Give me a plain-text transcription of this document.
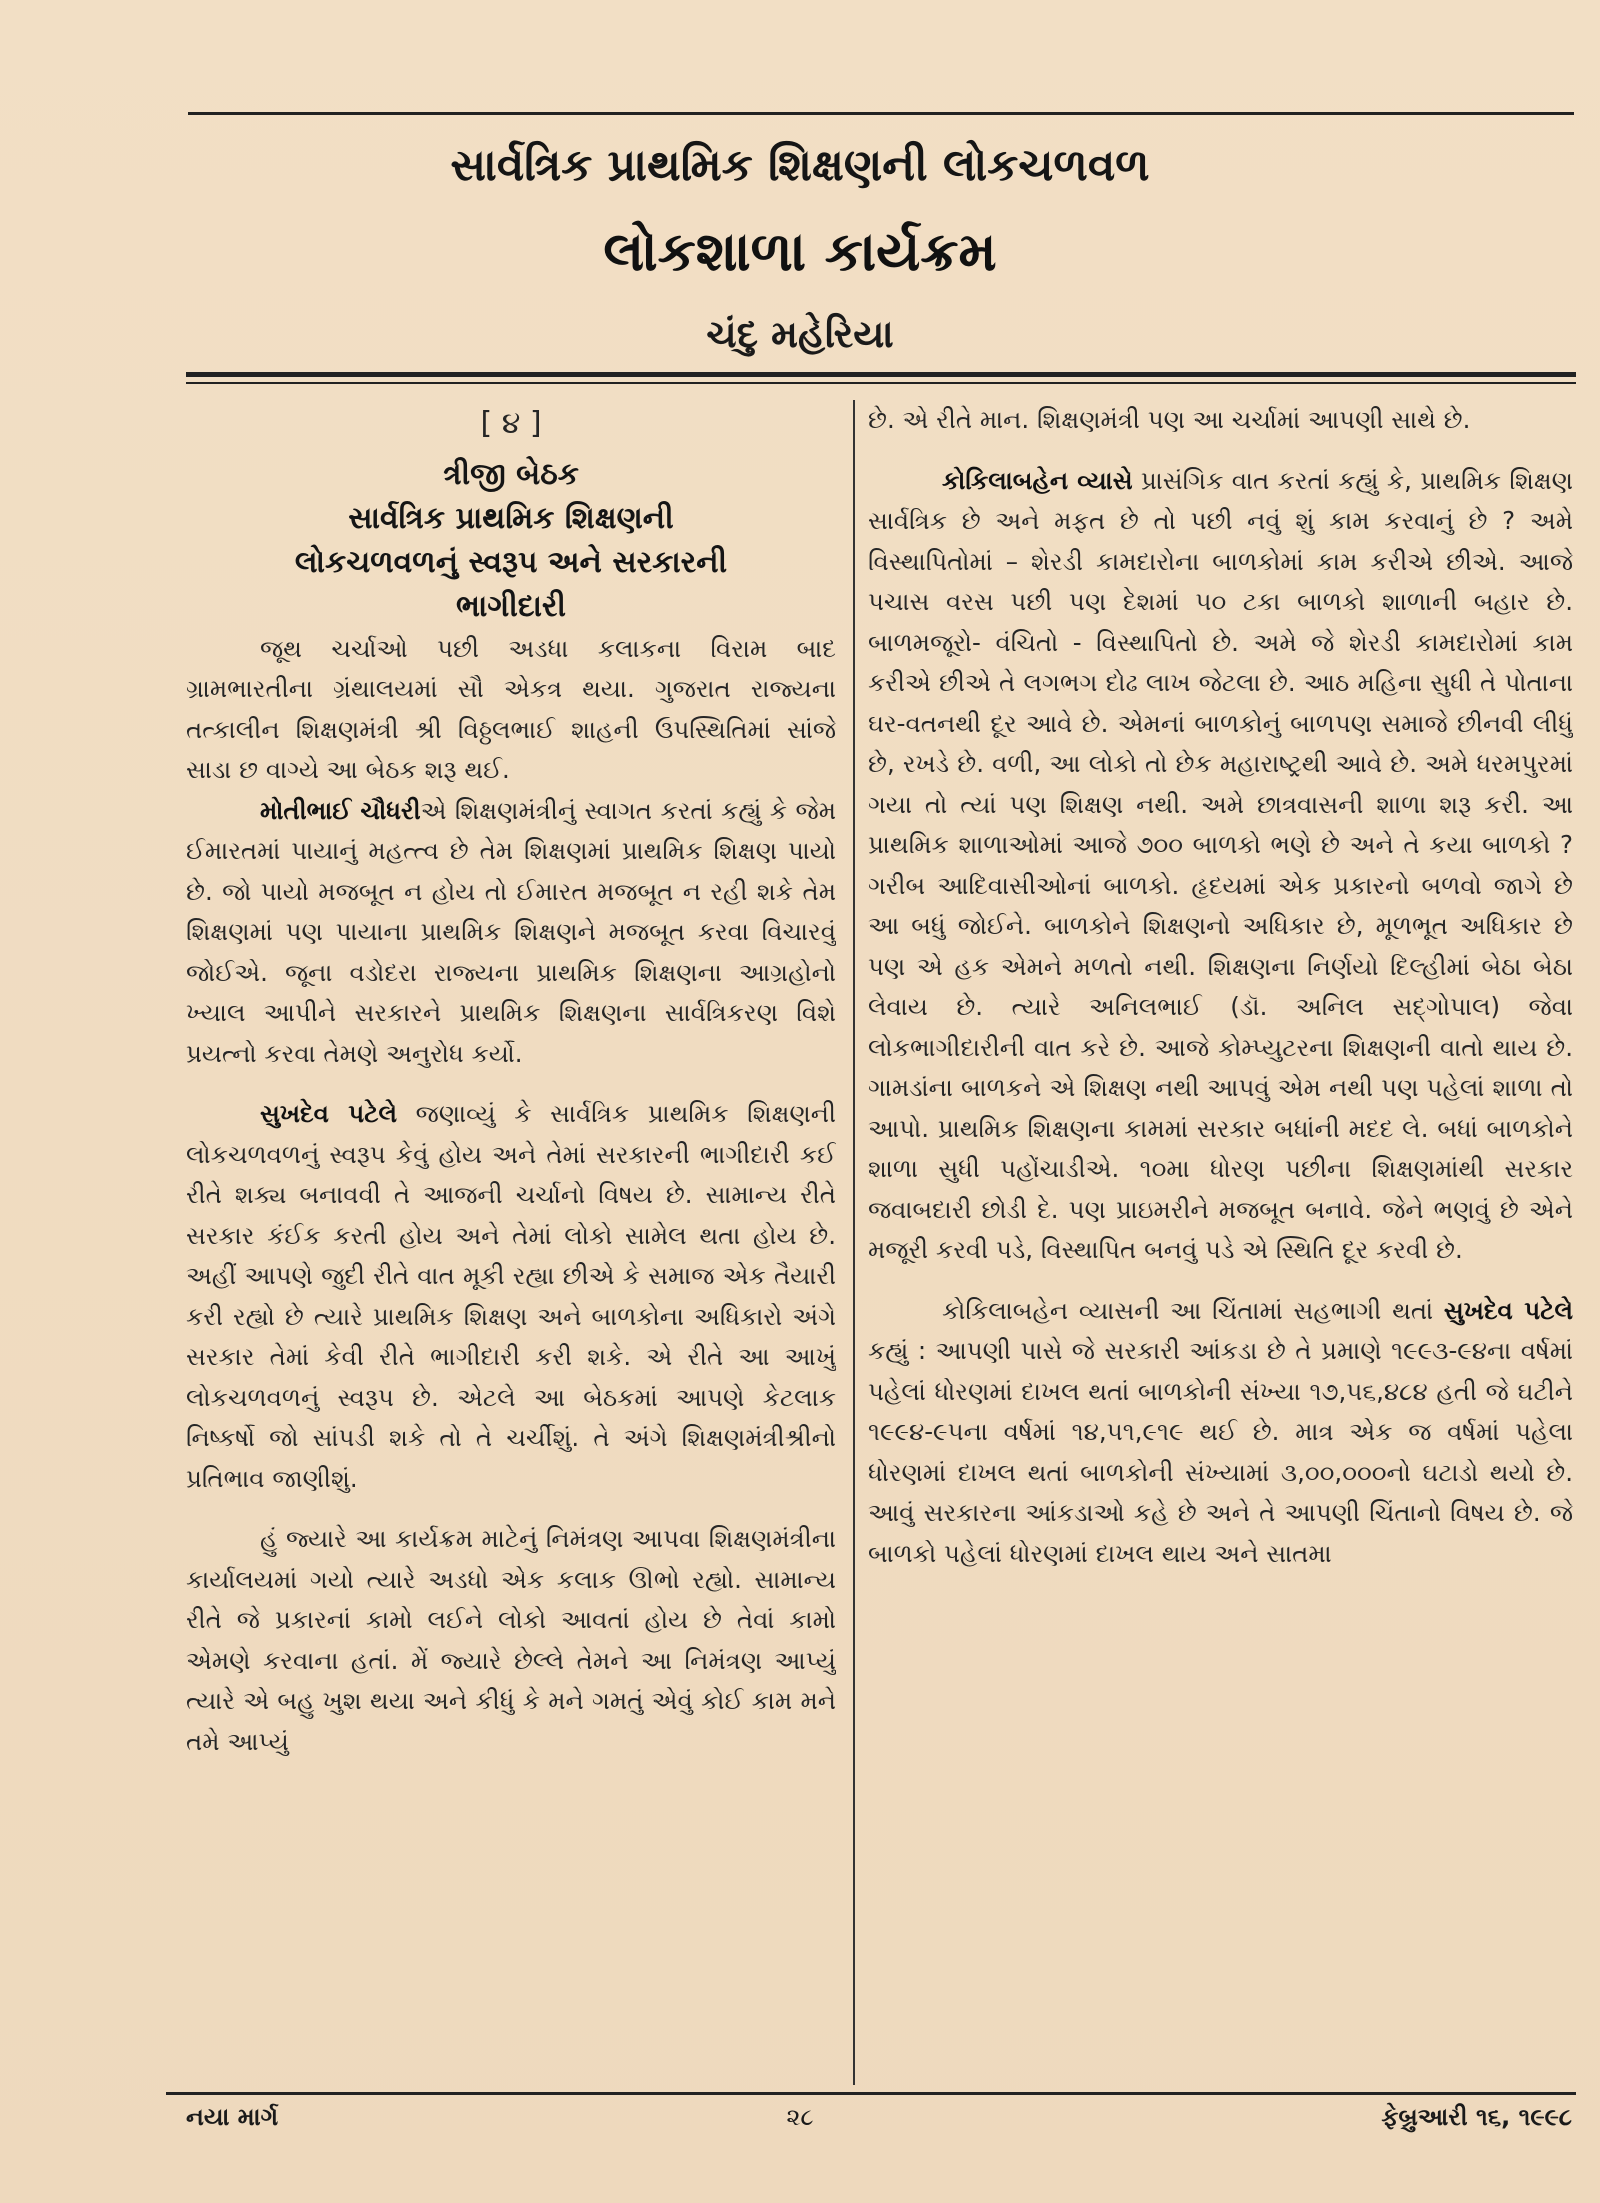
સાર્વત્રિક પ્રાથમિક શિક્ષણની લોકચળવળ
લોકશાળા કાર્યક્રમ
ચંદુ મહેરિયા
[ ૪ ]
ત્રીજી બેઠક
સાર્વત્રિક પ્રાથમિક શિક્ષણની
લોકચળવળનું સ્વરૂપ અને સરકારની
ભાગીદારી

જૂથ ચર્ચાઓ પછી અડધા કલાકના વિરામ બાદ ગ્રામભારતીના ગ્રંથાલયમાં સૌ એકત્ર થયા. ગુજરાત રાજ્યના તત્કાલીન શિક્ષણમંત્રી શ્રી વિઠ્ઠલભાઈ શાહની ઉપસ્થિતિમાં સાંજે સાડા છ વાગ્યે આ બેઠક શરૂ થઈ.

મોતીભાઈ ચૌધરીએ શિક્ષણમંત્રીનું સ્વાગત કરતાં કહ્યું કે જેમ ઈમારતમાં પાયાનું મહત્ત્વ છે તેમ શિક્ષણમાં પ્રાથમિક શિક્ષણ પાયો છે. જો પાયો મજબૂત ન હોય તો ઈમારત મજબૂત ન રહી શકે તેમ શિક્ષણમાં પણ પાયાના પ્રાથમિક શિક્ષણને મજબૂત કરવા વિચારવું જોઈએ. જૂના વડોદરા રાજ્યના પ્રાથમિક શિક્ષણના આગ્રહોનો ખ્યાલ આપીને સરકારને પ્રાથમિક શિક્ષણના સાર્વત્રિકરણ વિશે પ્રયત્નો કરવા તેમણે અનુરોધ કર્યો.

સુખદેવ પટેલે જણાવ્યું કે સાર્વત્રિક પ્રાથમિક શિક્ષણની લોકચળવળનું સ્વરૂપ કેવું હોય અને તેમાં સરકારની ભાગીદારી કઈ રીતે શક્ય બનાવવી તે આજની ચર્ચાનો વિષય છે. સામાન્ય રીતે સરકાર કંઈક કરતી હોય અને તેમાં લોકો સામેલ થતા હોય છે. અહીં આપણે જુદી રીતે વાત મૂકી રહ્યા છીએ કે સમાજ એક તૈયારી કરી રહ્યો છે ત્યારે પ્રાથમિક શિક્ષણ અને બાળકોના અધિકારો અંગે સરકાર તેમાં કેવી રીતે ભાગીદારી કરી શકે. એ રીતે આ આખું લોકચળવળનું સ્વરૂપ છે. એટલે આ બેઠકમાં આપણે કેટલાક નિષ્કર્ષો જો સાંપડી શકે તો તે ચર્ચીશું. તે અંગે શિક્ષણમંત્રીશ્રીનો પ્રતિભાવ જાણીશું.

હું જ્યારે આ કાર્યક્રમ માટેનું નિમંત્રણ આપવા શિક્ષણમંત્રીના કાર્યાલયમાં ગયો ત્યારે અડધો એક કલાક ઊભો રહ્યો. સામાન્ય રીતે જે પ્રકારનાં કામો લઈને લોકો આવતાં હોય છે તેવાં કામો એમણે કરવાના હતાં. મેં જ્યારે છેલ્લે તેમને આ નિમંત્રણ આપ્યું ત્યારે એ બહુ ખુશ થયા અને કીધું કે મને ગમતું એવું કોઈ કામ મને તમે આપ્યું

છે. એ રીતે માન. શિક્ષણમંત્રી પણ આ ચર્ચામાં આપણી સાથે છે.

કોકિલાબહેન વ્યાસે પ્રાસંગિક વાત કરતાં કહ્યું કે, પ્રાથમિક શિક્ષણ સાર્વત્રિક છે અને મફત છે તો પછી નવું શું કામ કરવાનું છે ? અમે વિસ્થાપિતોમાં – શેરડી કામદારોના બાળકોમાં કામ કરીએ છીએ. આજે પચાસ વરસ પછી પણ દેશમાં ૫૦ ટકા બાળકો શાળાની બહાર છે. બાળમજૂરો- વંચિતો - વિસ્થાપિતો છે. અમે જે શેરડી કામદારોમાં કામ કરીએ છીએ તે લગભગ દોઢ લાખ જેટલા છે. આઠ મહિના સુધી તે પોતાના ઘર-વતનથી દૂર આવે છે. એમનાં બાળકોનું બાળપણ સમાજે છીનવી લીધું છે, રખડે છે. વળી, આ લોકો તો છેક મહારાષ્ટ્રથી આવે છે. અમે ધરમપુરમાં ગયા તો ત્યાં પણ શિક્ષણ નથી. અમે છાત્રવાસની શાળા શરૂ કરી. આ પ્રાથમિક શાળાઓમાં આજે ૭૦૦ બાળકો ભણે છે અને તે કયા બાળકો ? ગરીબ આદિવાસીઓનાં બાળકો. હૃદયમાં એક પ્રકારનો બળવો જાગે છે આ બધું જોઈને. બાળકોને શિક્ષણનો અધિકાર છે, મૂળભૂત અધિકાર છે પણ એ હક એમને મળતો નથી. શિક્ષણના નિર્ણયો દિલ્હીમાં બેઠા બેઠા લેવાય છે. ત્યારે અનિલભાઈ (ડૉ. અનિલ સદ્ગોપાલ) જેવા લોકભાગીદારીની વાત કરે છે. આજે કોમ્પ્યુટરના શિક્ષણની વાતો થાય છે. ગામડાંના બાળકને એ શિક્ષણ નથી આપવું એમ નથી પણ પહેલાં શાળા તો આપો. પ્રાથમિક શિક્ષણના કામમાં સરકાર બધાંની મદદ લે. બધાં બાળકોને શાળા સુધી પહોંચાડીએ. ૧૦મા ધોરણ પછીના શિક્ષણમાંથી સરકાર જવાબદારી છોડી દે. પણ પ્રાઇમરીને મજબૂત બનાવે. જેને ભણવું છે એને મજૂરી કરવી પડે, વિસ્થાપિત બનવું પડે એ સ્થિતિ દૂર કરવી છે.

કોકિલાબહેન વ્યાસની આ ચિંતામાં સહભાગી થતાં સુખદેવ પટેલે કહ્યું : આપણી પાસે જે સરકારી આંકડા છે તે પ્રમાણે ૧૯૯૩-૯૪ના વર્ષમાં પહેલાં ધોરણમાં દાખલ થતાં બાળકોની સંખ્યા ૧૭,૫૬,૪૮૪ હતી જે ઘટીને ૧૯૯૪-૯૫ના વર્ષમાં ૧૪,૫૧,૯૧૯ થઈ છે. માત્ર એક જ વર્ષમાં પહેલા ધોરણમાં દાખલ થતાં બાળકોની સંખ્યામાં ૩,૦૦,૦૦૦નો ઘટાડો થયો છે. આવું સરકારના આંકડાઓ કહે છે અને તે આપણી ચિંતાનો વિષય છે. જે બાળકો પહેલાં ધોરણમાં દાખલ થાય અને સાતમા

નયા માર્ગ	૨૮	ફેબ્રુઆરી ૧૬, ૧૯૯૮
